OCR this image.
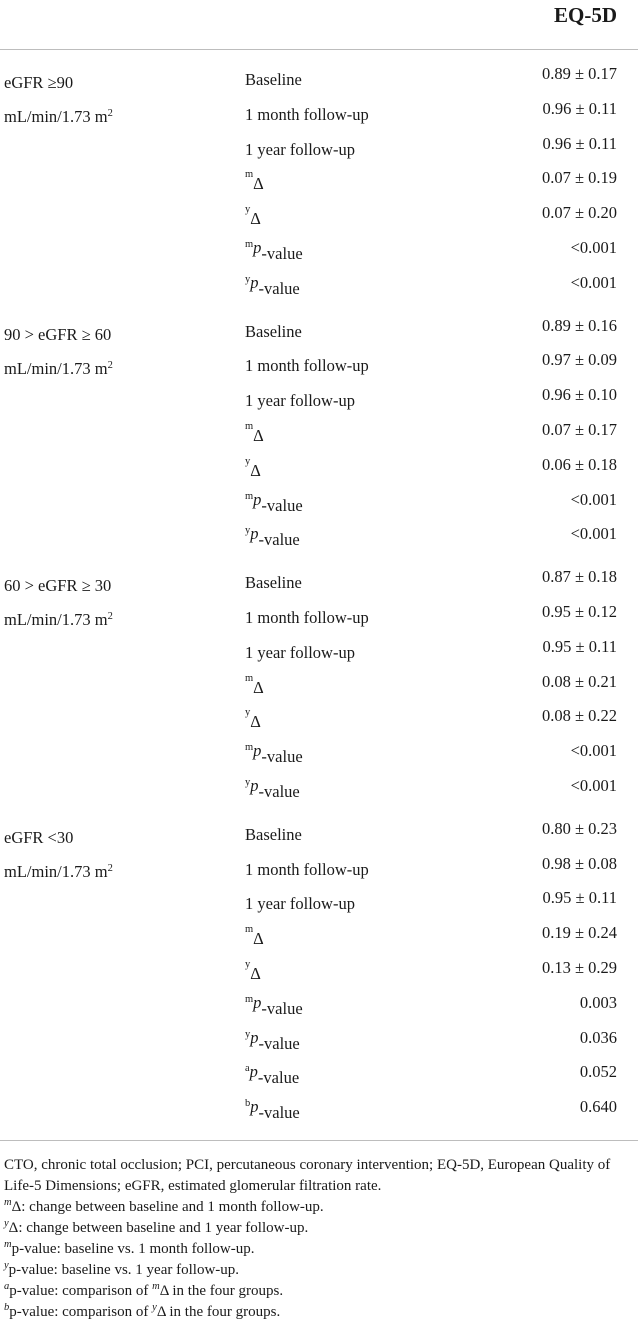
EQ-5D
eGFR ≥90
mL/min/1.73 $m^2$
Baseline	0.89 ± 0.17
1 month follow-up	0.96 ± 0.11
1 year follow-up	0.96 ± 0.11
$^m$ Δ	0.07 ± 0.19
$^y$ Δ	0.07 ± 0.20
$^m$p -value	<0.001
$^y$p -value	<0.001
90 > eGFR ≥ 60
mL/min/1.73 $m^2$
Baseline	0.89 ± 0.16
1 month follow-up	0.97 ± 0.09
1 year follow-up	0.96 ± 0.10
$^m$ Δ	0.07 ± 0.17
$^y$ Δ	0.06 ± 0.18
$^m$p -value	<0.001
$^y$p -value	<0.001
60 > eGFR ≥ 30
mL/min/1.73 $m^2$
Baseline	0.87 ± 0.18
1 month follow-up	0.95 ± 0.12
1 year follow-up	0.95 ± 0.11
$^m$ Δ	0.08 ± 0.21
$^y$ Δ	0.08 ± 0.22
$^m$p -value	<0.001
$^y$p -value	<0.001
eGFR <30
mL/min/1.73 $m^2$
Baseline	0.80 ± 0.23
1 month follow-up	0.98 ± 0.08
1 year follow-up	0.95 ± 0.11
$^m$ Δ	0.19 ± 0.24
$^y$ Δ	0.13 ± 0.29
$^m$p -value	0.003
$^y$p -value	0.036
$^a$p -value	0.052
$^b$p -value	0.640

CTO, chronic total occlusion; PCI, percutaneous coronary intervention; EQ-5D, European Quality of Life-5 Dimensions; eGFR, estimated glomerular filtration rate.

$^m$Δ: change between baseline and 1 month follow-up.

$^y$Δ: change between baseline and 1 year follow-up.

$^m$p-value: baseline vs. 1 month follow-up.

$^y$p-value: baseline vs. 1 year follow-up.

$^a$p-value: comparison of $^m$Δ in the four groups.

$^b$p-value: comparison of $^y$Δ in the four groups.
